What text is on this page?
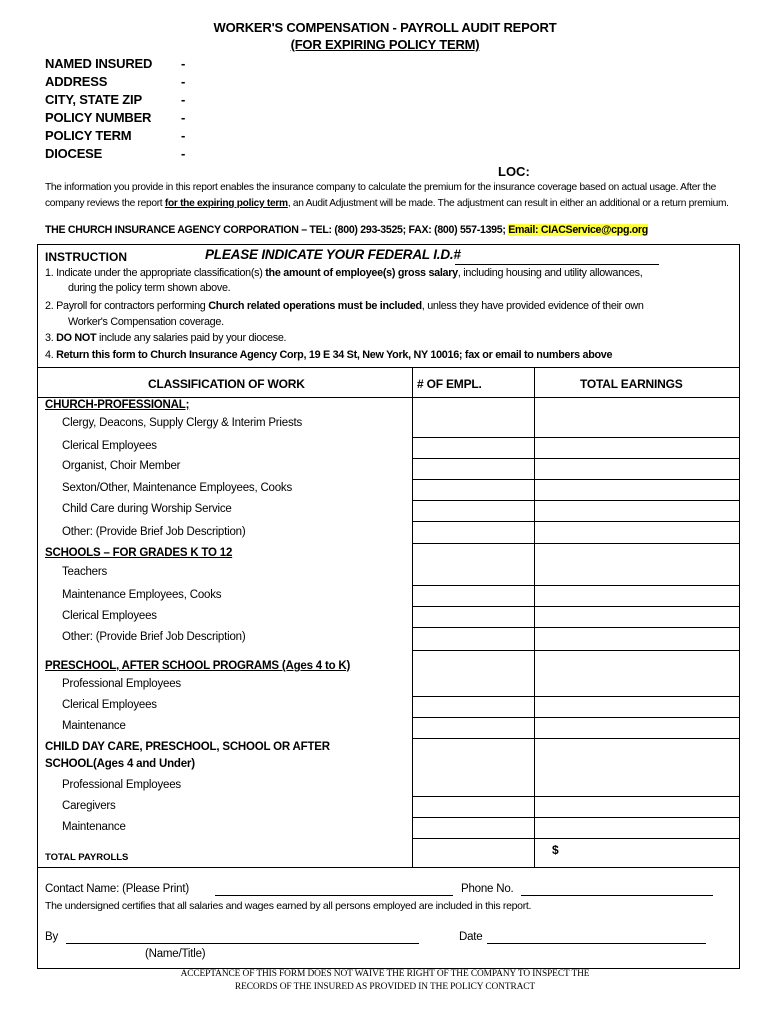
WORKER'S COMPENSATION - PAYROLL AUDIT REPORT
(FOR EXPIRING POLICY TERM)
NAMED INSURED -
ADDRESS	-
CITY, STATE ZIP	-
POLICY NUMBER -
POLICY TERM	-
DIOCESE	-
LOC:
The information you provide in this report enables the insurance company to calculate the premium for the insurance coverage based on actual usage. After the company reviews the report for the expiring policy term, an Audit Adjustment will be made. The adjustment can result in either an additional or a return premium.
THE CHURCH INSURANCE AGENCY CORPORATION – TEL: (800) 293-3525; FAX: (800) 557-1395; Email: CIACService@cpg.org
INSTRUCTION	PLEASE INDICATE YOUR FEDERAL I.D.#
1. Indicate under the appropriate classification(s) the amount of employee(s) gross salary, including housing and utility allowances,
during the policy term shown above.
2. Payroll for contractors performing Church related operations must be included, unless they have provided evidence of their own
Worker's Compensation coverage.
3. DO NOT include any salaries paid by your diocese.
4. Return this form to Church Insurance Agency Corp, 19 E 34 St, New York, NY 10016; fax or email to numbers above
CLASSIFICATION OF WORK	# OF EMPL.	TOTAL EARNINGS
CHURCH-PROFESSIONAL;
Clergy, Deacons, Supply Clergy & Interim Priests
Clerical Employees
Organist, Choir Member
Sexton/Other, Maintenance Employees, Cooks
Child Care during Worship Service
Other: (Provide Brief Job Description)
SCHOOLS – FOR GRADES K TO 12
Teachers
Maintenance Employees, Cooks
Clerical Employees
Other: (Provide Brief Job Description)
PRESCHOOL, AFTER SCHOOL PROGRAMS (Ages 4 to K)
Professional Employees
Clerical Employees
Maintenance
CHILD DAY CARE, PRESCHOOL, SCHOOL OR AFTER
SCHOOL(Ages 4 and Under)
Professional Employees
Caregivers
Maintenance
TOTAL PAYROLLS
$
Contact Name: (Please Print)	Phone No.
The undersigned certifies that all salaries and wages earned by all persons employed are included in this report.
By	Date
(Name/Title)
ACCEPTANCE OF THIS FORM DOES NOT WAIVE THE RIGHT OF THE COMPANY TO INSPECT THE
RECORDS OF THE INSURED AS PROVIDED IN THE POLICY CONTRACT
